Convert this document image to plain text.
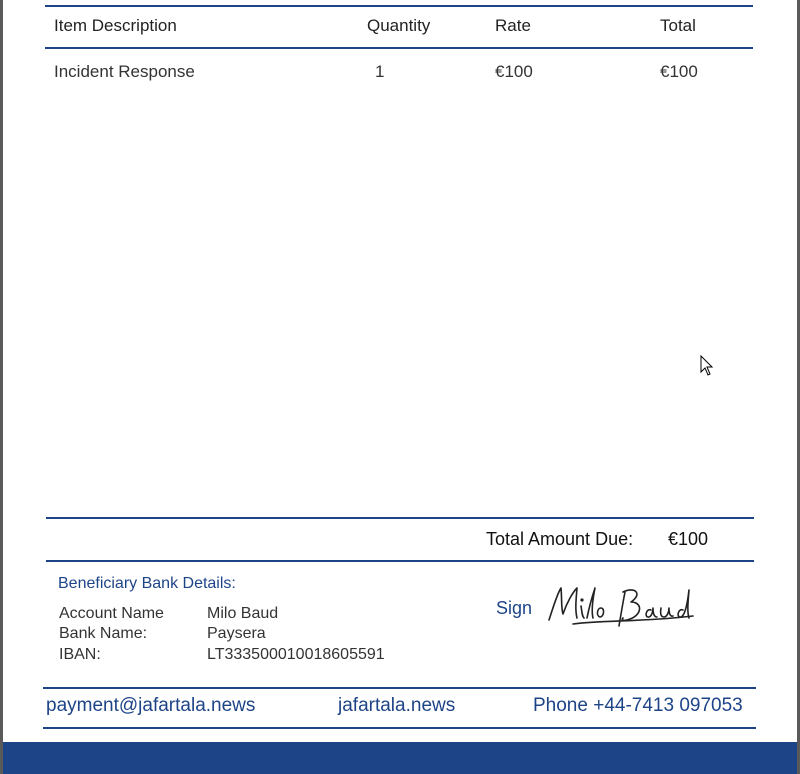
Item Description	Quantity	Rate	Total
Incident Response	1	€100	€100
Total Amount Due: €100
Beneficiary Bank Details:
Account Name	Milo Baud
Bank Name:	Paysera
IBAN:	LT333500010018605591
Sign
payment@jafartala.news	jafartala.news	Phone +44-7413 097053
